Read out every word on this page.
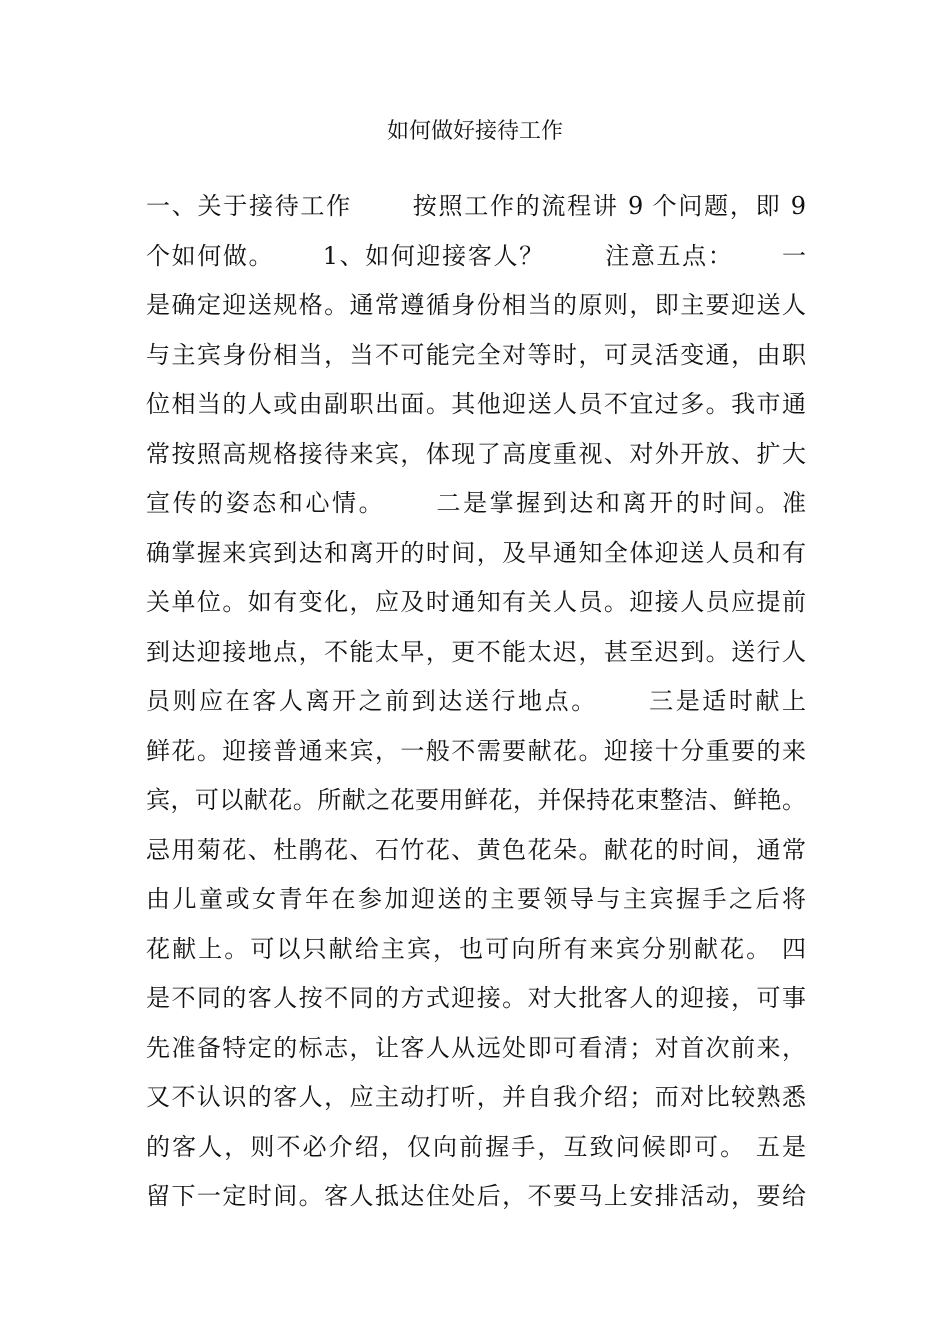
如何做好接待工作
一、关于接待工作　　 按照工作的流程讲 9 个问题，即 9
个如何做。　　 1、如何迎接客人？　　 注意五点：　　 一
是确定迎送规格。通常遵循身份相当的原则，即主要迎送人
与主宾身份相当，当不可能完全对等时，可灵活变通，由职
位相当的人或由副职出面。其他迎送人员不宜过多。我市通
常按照高规格接待来宾，体现了高度重视、对外开放、扩大
宣传的姿态和心情。　　 二是掌握到达和离开的时间。准
确掌握来宾到达和离开的时间，及早通知全体迎送人员和有
关单位。如有变化，应及时通知有关人员。迎接人员应提前
到达迎接地点，不能太早，更不能太迟，甚至迟到。送行人
员则应在客人离开之前到达送行地点。　　 三是适时献上
鲜花。迎接普通来宾，一般不需要献花。迎接十分重要的来
宾，可以献花。所献之花要用鲜花，并保持花束整洁、鲜艳。
忌用菊花、杜鹃花、石竹花、黄色花朵。献花的时间，通常
由儿童或女青年在参加迎送的主要领导与主宾握手之后将
花献上。可以只献给主宾，也可向所有来宾分别献花。 四
是不同的客人按不同的方式迎接。对大批客人的迎接，可事
先准备特定的标志，让客人从远处即可看清；对首次前来，
又不认识的客人，应主动打听，并自我介绍；而对比较熟悉
的客人，则不必介绍，仅向前握手，互致问候即可。 五是
留下一定时间。客人抵达住处后，不要马上安排活动，要给
